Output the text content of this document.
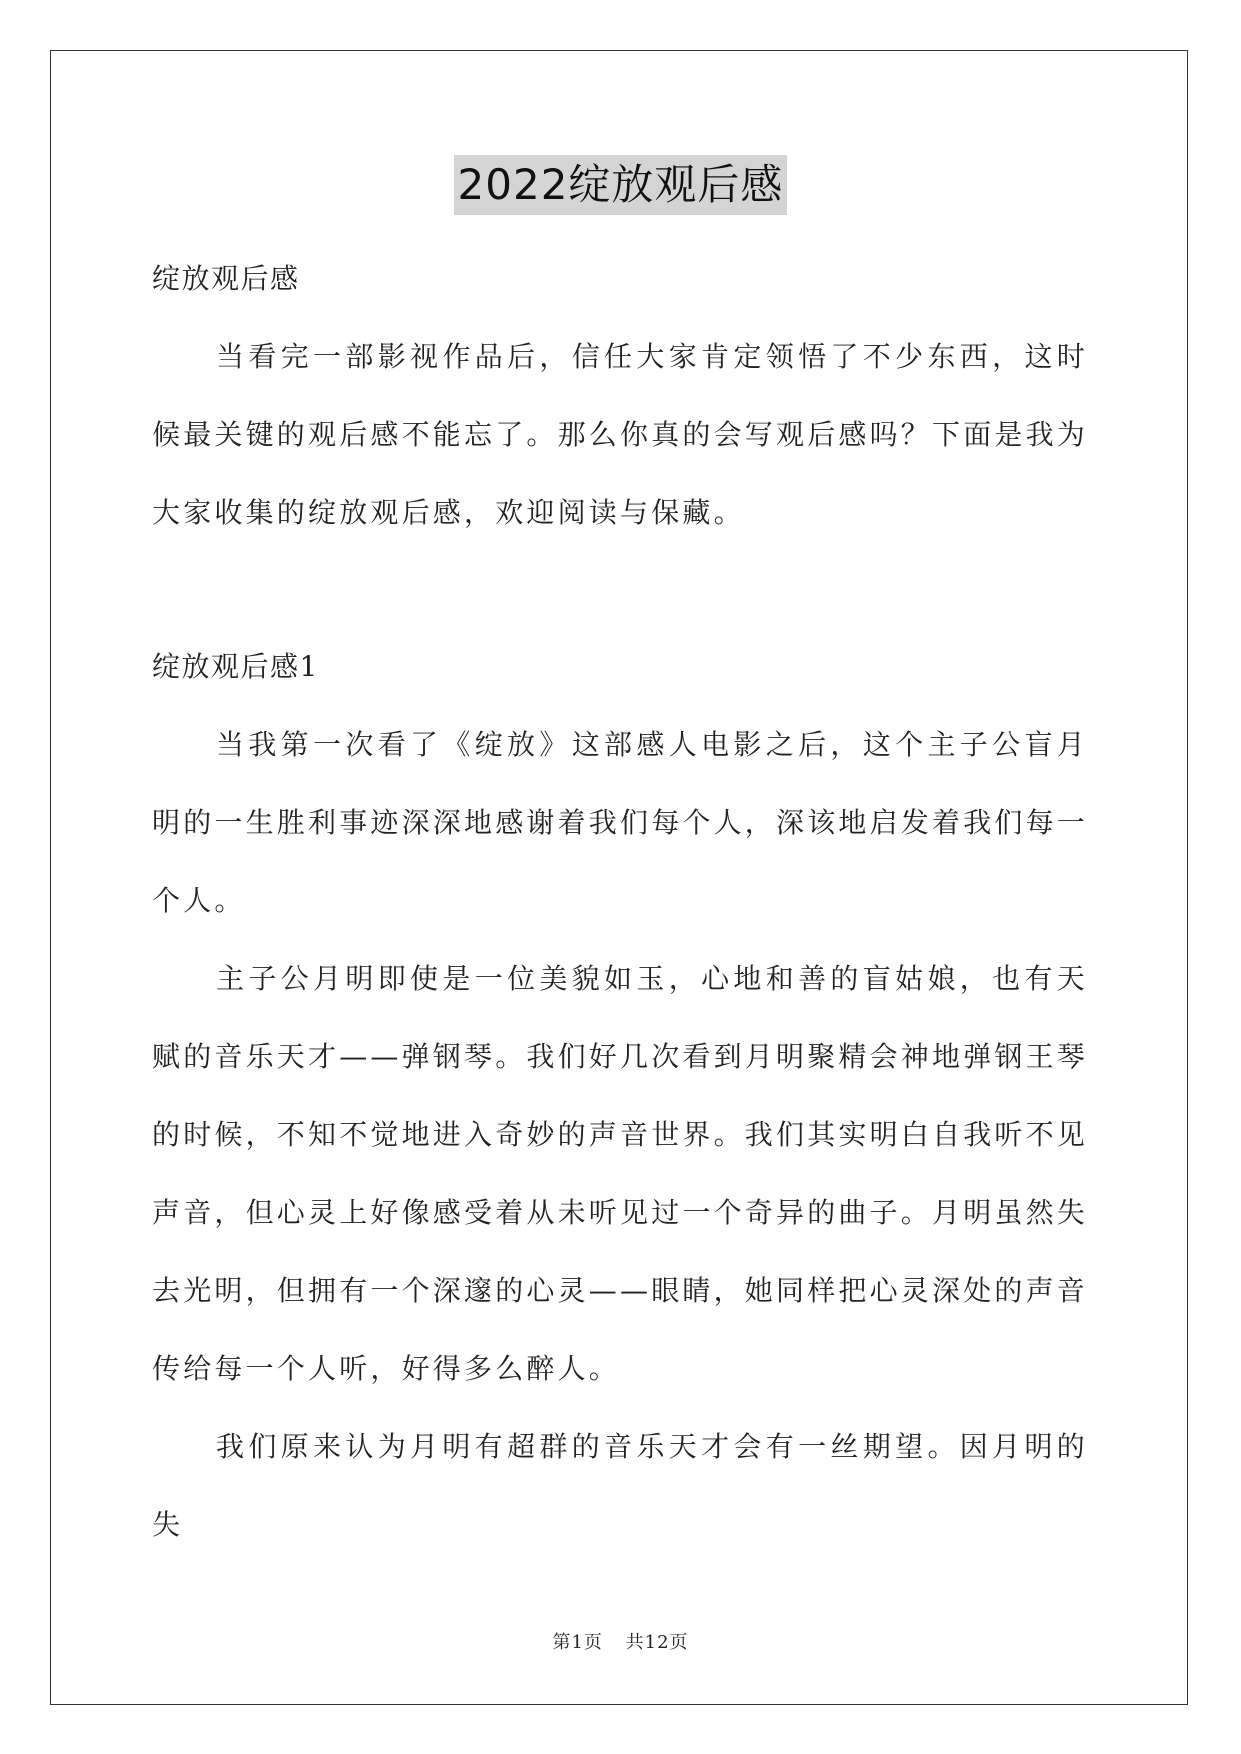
2022绽放观后感

绽放观后感

当看完一部影视作品后，信任大家肯定领悟了不少东西，这时候最关键的观后感不能忘了。那么你真的会写观后感吗？下面是我为大家收集的绽放观后感，欢迎阅读与保藏。

绽放观后感1

当我第一次看了《绽放》这部感人电影之后，这个主子公盲月明的一生胜利事迹深深地感谢着我们每个人，深该地启发着我们每一个人。

主子公月明即使是一位美貌如玉，心地和善的盲姑娘，也有天赋的音乐天才——弹钢琴。我们好几次看到月明聚精会神地弹钢王琴的时候，不知不觉地进入奇妙的声音世界。我们其实明白自我听不见声音，但心灵上好像感受着从未听见过一个奇异的曲子。月明虽然失去光明，但拥有一个深邃的心灵——眼睛，她同样把心灵深处的声音传给每一个人听，好得多么醉人。

我们原来认为月明有超群的音乐天才会有一丝期望。因月明的失

第1页 共12页
